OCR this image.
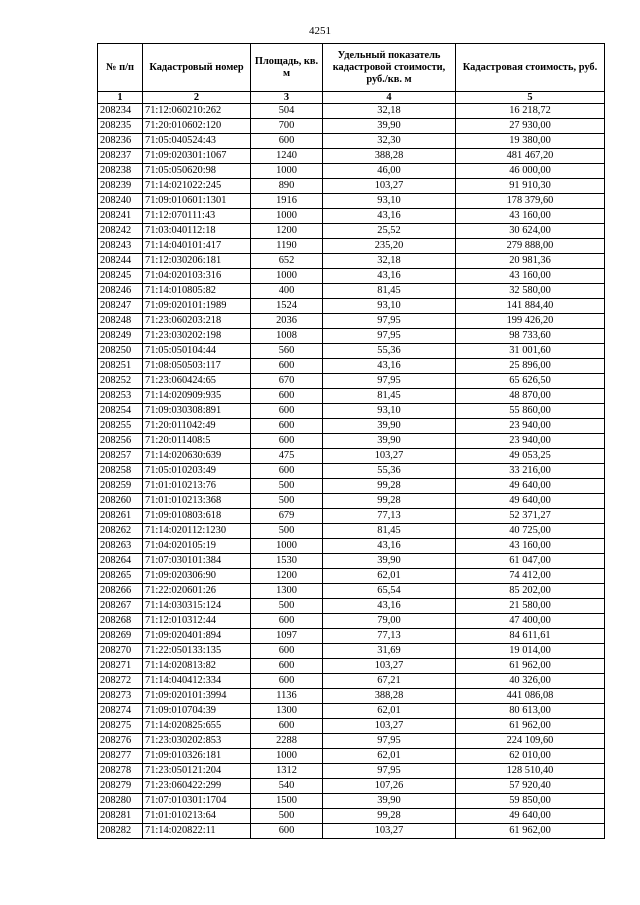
4251
№ п/п	Кадастровый номер	Площадь, кв. м	Удельный показатель кадастровой стоимости, руб./кв. м	Кадастровая стоимость, руб.
1	2	3	4	5
208234	71:12:060210:262	504	32,18	16 218,72
208235	71:20:010602:120	700	39,90	27 930,00
208236	71:05:040524:43	600	32,30	19 380,00
208237	71:09:020301:1067	1240	388,28	481 467,20
208238	71:05:050620:98	1000	46,00	46 000,00
208239	71:14:021022:245	890	103,27	91 910,30
208240	71:09:010601:1301	1916	93,10	178 379,60
208241	71:12:070111:43	1000	43,16	43 160,00
208242	71:03:040112:18	1200	25,52	30 624,00
208243	71:14:040101:417	1190	235,20	279 888,00
208244	71:12:030206:181	652	32,18	20 981,36
208245	71:04:020103:316	1000	43,16	43 160,00
208246	71:14:010805:82	400	81,45	32 580,00
208247	71:09:020101:1989	1524	93,10	141 884,40
208248	71:23:060203:218	2036	97,95	199 426,20
208249	71:23:030202:198	1008	97,95	98 733,60
208250	71:05:050104:44	560	55,36	31 001,60
208251	71:08:050503:117	600	43,16	25 896,00
208252	71:23:060424:65	670	97,95	65 626,50
208253	71:14:020909:935	600	81,45	48 870,00
208254	71:09:030308:891	600	93,10	55 860,00
208255	71:20:011042:49	600	39,90	23 940,00
208256	71:20:011408:5	600	39,90	23 940,00
208257	71:14:020630:639	475	103,27	49 053,25
208258	71:05:010203:49	600	55,36	33 216,00
208259	71:01:010213:76	500	99,28	49 640,00
208260	71:01:010213:368	500	99,28	49 640,00
208261	71:09:010803:618	679	77,13	52 371,27
208262	71:14:020112:1230	500	81,45	40 725,00
208263	71:04:020105:19	1000	43,16	43 160,00
208264	71:07:030101:384	1530	39,90	61 047,00
208265	71:09:020306:90	1200	62,01	74 412,00
208266	71:22:020601:26	1300	65,54	85 202,00
208267	71:14:030315:124	500	43,16	21 580,00
208268	71:12:010312:44	600	79,00	47 400,00
208269	71:09:020401:894	1097	77,13	84 611,61
208270	71:22:050133:135	600	31,69	19 014,00
208271	71:14:020813:82	600	103,27	61 962,00
208272	71:14:040412:334	600	67,21	40 326,00
208273	71:09:020101:3994	1136	388,28	441 086,08
208274	71:09:010704:39	1300	62,01	80 613,00
208275	71:14:020825:655	600	103,27	61 962,00
208276	71:23:030202:853	2288	97,95	224 109,60
208277	71:09:010326:181	1000	62,01	62 010,00
208278	71:23:050121:204	1312	97,95	128 510,40
208279	71:23:060422:299	540	107,26	57 920,40
208280	71:07:010301:1704	1500	39,90	59 850,00
208281	71:01:010213:64	500	99,28	49 640,00
208282	71:14:020822:11	600	103,27	61 962,00
